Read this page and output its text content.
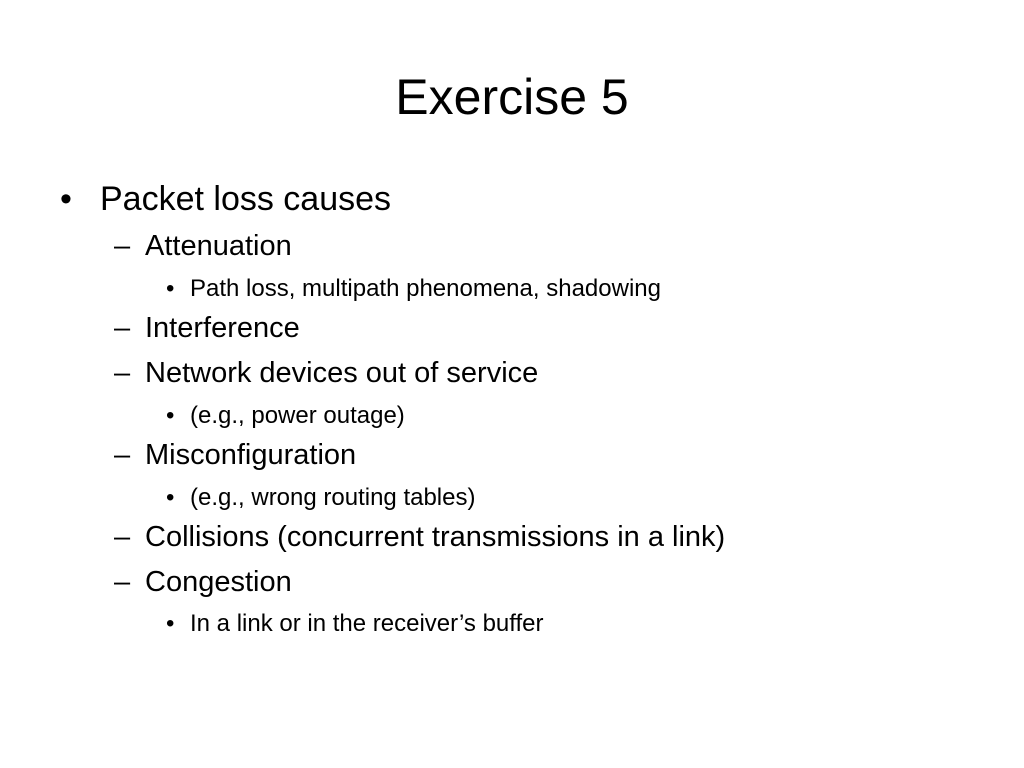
Exercise 5
• Packet loss causes
– Attenuation
• Path loss, multipath phenomena, shadowing
– Interference
– Network devices out of service
• (e.g., power outage)
– Misconfiguration
• (e.g., wrong routing tables)
– Collisions (concurrent transmissions in a link)
– Congestion
• In a link or in the receiver’s buffer
